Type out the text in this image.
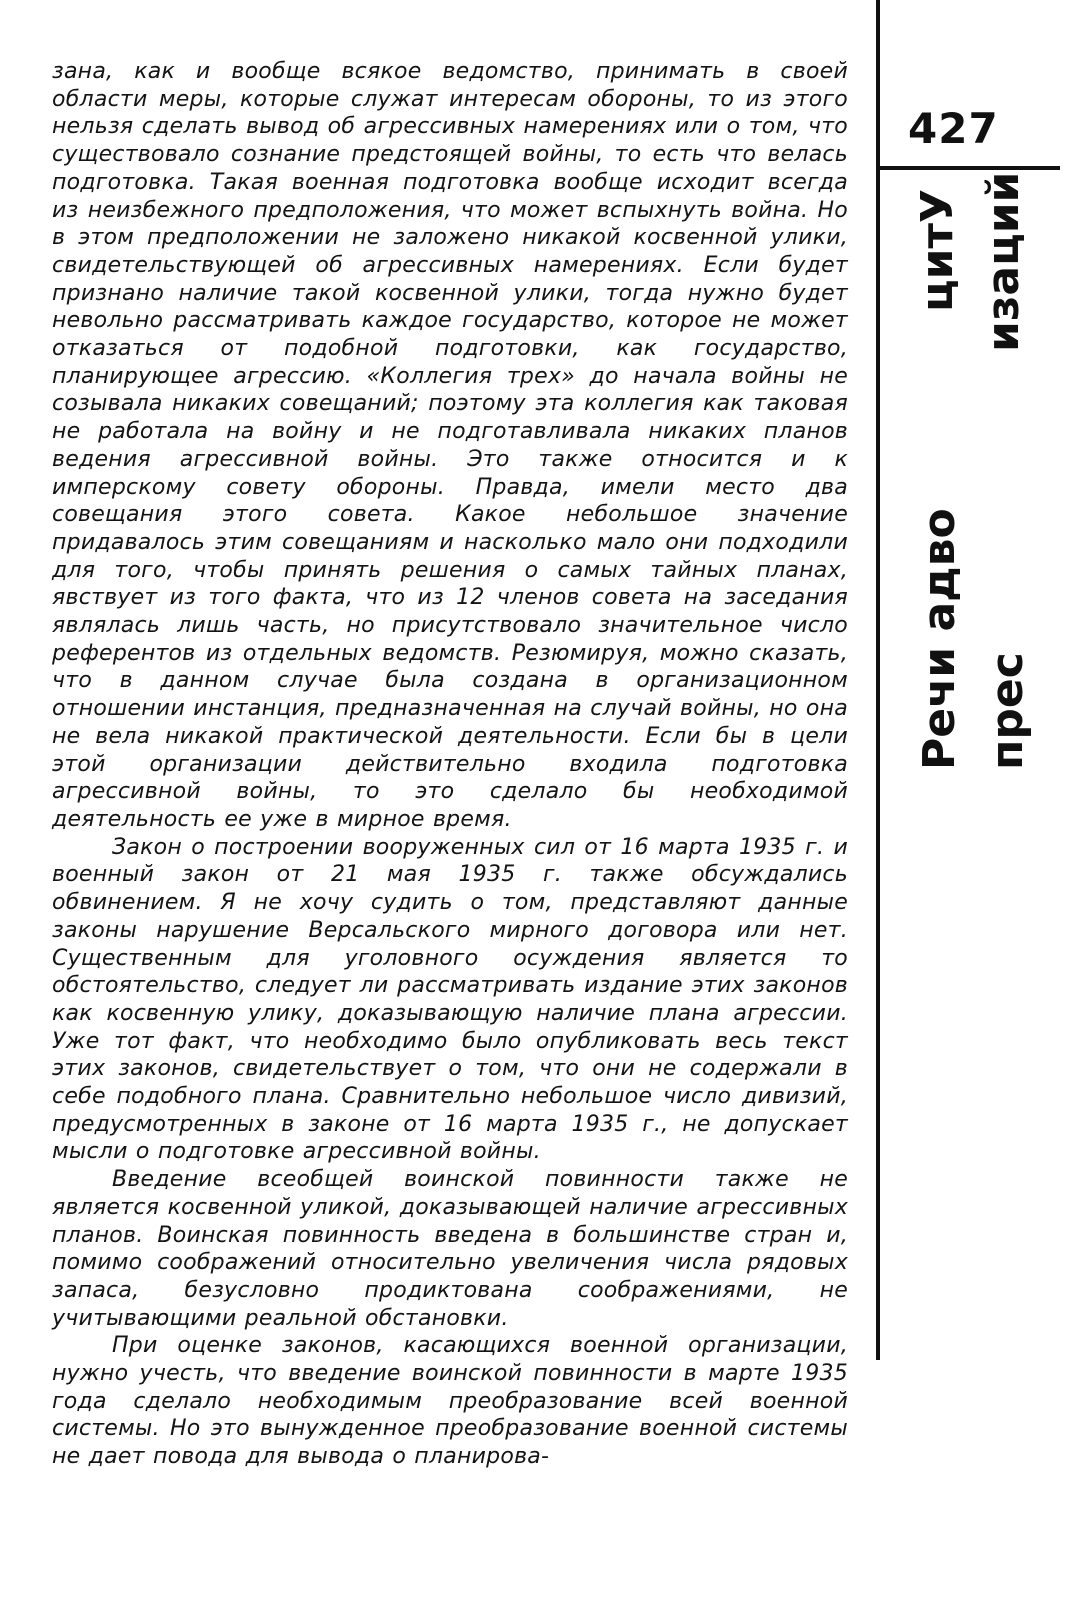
зана, как и вообще всякое ведомство, принимать в своей области меры, которые служат интересам обороны, то из этого нельзя сделать вывод об агрессивных намерениях или о том, что существовало сознание предстоящей войны, то есть что велась подготовка. Такая военная подготовка вообще исходит всегда из неизбежного предположения, что может вспыхнуть война. Но в этом предположении не заложено никакой косвенной улики, свидетельствующей об агрессивных намерениях. Если будет признано наличие такой косвенной улики, тогда нужно будет невольно рассматривать каждое государство, которое не может отказаться от подобной подготовки, как государство, планирующее агрессию. «Коллегия трех» до начала войны не созывала никаких совещаний; поэтому эта коллегия как таковая не работала на войну и не подготавливала никаких планов ведения агрессивной войны. Это также относится и к имперскому совету обороны. Правда, имели место два совещания этого совета. Какое небольшое значение придавалось этим совещаниям и насколько мало они подходили для того, чтобы принять решения о самых тайных планах, явствует из того факта, что из 12 членов совета на заседания являлась лишь часть, но присутствовало значительное число референтов из отдельных ведомств. Резюмируя, можно сказать, что в данном случае была создана в организационном отношении инстанция, предназначенная на случай войны, но она не вела никакой практической деятельности. Если бы в цели этой организации действительно входила подготовка агрессивной войны, то это сделало бы необходимой деятельность ее уже в мирное время.

Закон о построении вооруженных сил от 16 марта 1935 г. и военный закон от 21 мая 1935 г. также обсуждались обвинением. Я не хочу судить о том, представляют данные законы нарушение Версальского мирного договора или нет. Существенным для уголовного осуждения является то обстоятельство, следует ли рассматривать издание этих законов как косвенную улику, доказывающую наличие плана агрессии. Уже тот факт, что необходимо было опубликовать весь текст этих законов, свидетельствует о том, что они не содержали в себе подобного плана. Сравнительно небольшое число дивизий, предусмотренных в законе от 16 марта 1935 г., не допускает мысли о подготовке агрессивной войны.

Введение всеобщей воинской повинности также не является косвенной уликой, доказывающей наличие агрессивных планов. Воинская повинность введена в большинстве стран и, помимо соображений относительно увеличения числа рядовых запаса, безусловно продиктована соображениями, не учитывающими реальной обстановки.

При оценке законов, касающихся военной организации, нужно учесть, что введение воинской повинности в марте 1935 года сделало необходимым преобразование всей военной системы. Но это вынужденное преобразование военной системы не дает повода для вывода о планирова-

427
цитУ изаций
Речи адво прес
